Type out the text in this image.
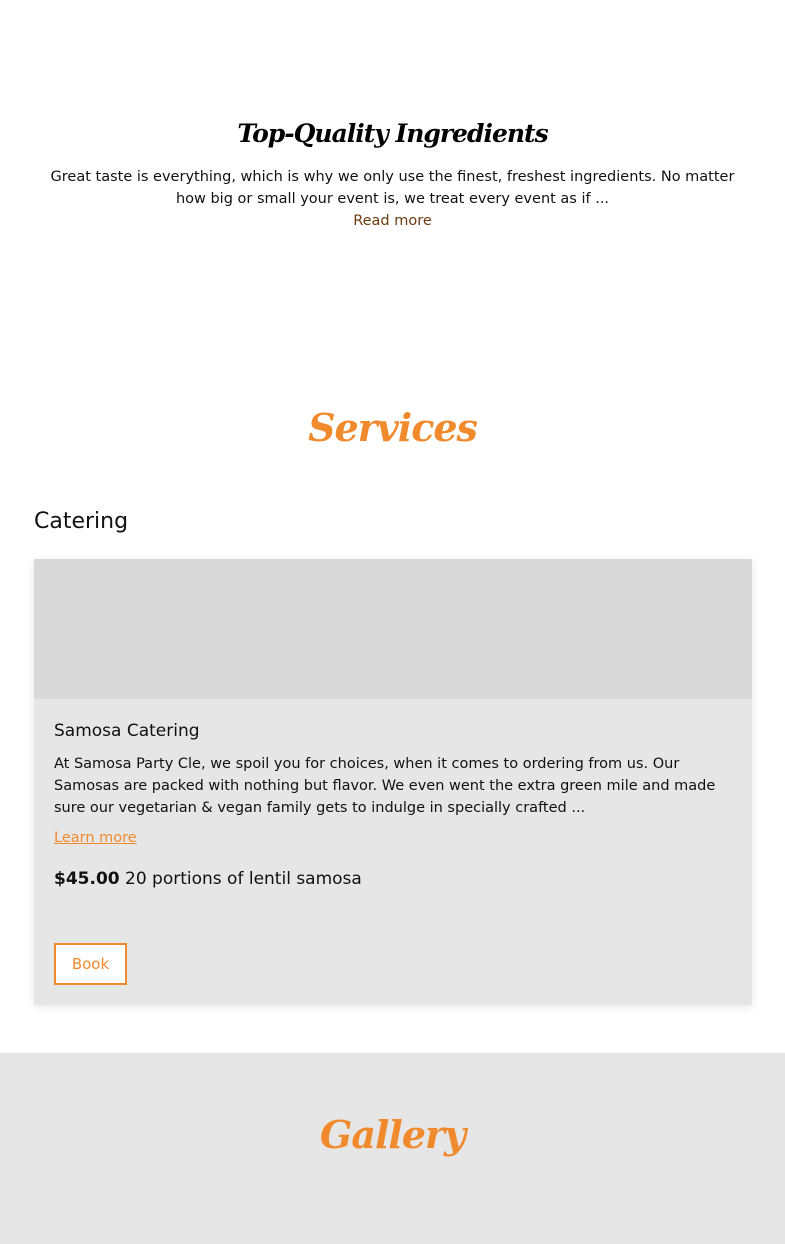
Top-Quality Ingredients

Great taste is everything, which is why we only use the finest, freshest ingredients. No matter how big or small your event is, we treat every event as if ...

Read more
Services
Catering
Samosa Catering

At Samosa Party Cle, we spoil you for choices, when it comes to ordering from us. Our Samosas are packed with nothing but flavor. We even went the extra green mile and made sure our vegetarian & vegan family gets to indulge in specially crafted ...

Learn more
$45.00 20 portions of lentil samosa
Book
Gallery
